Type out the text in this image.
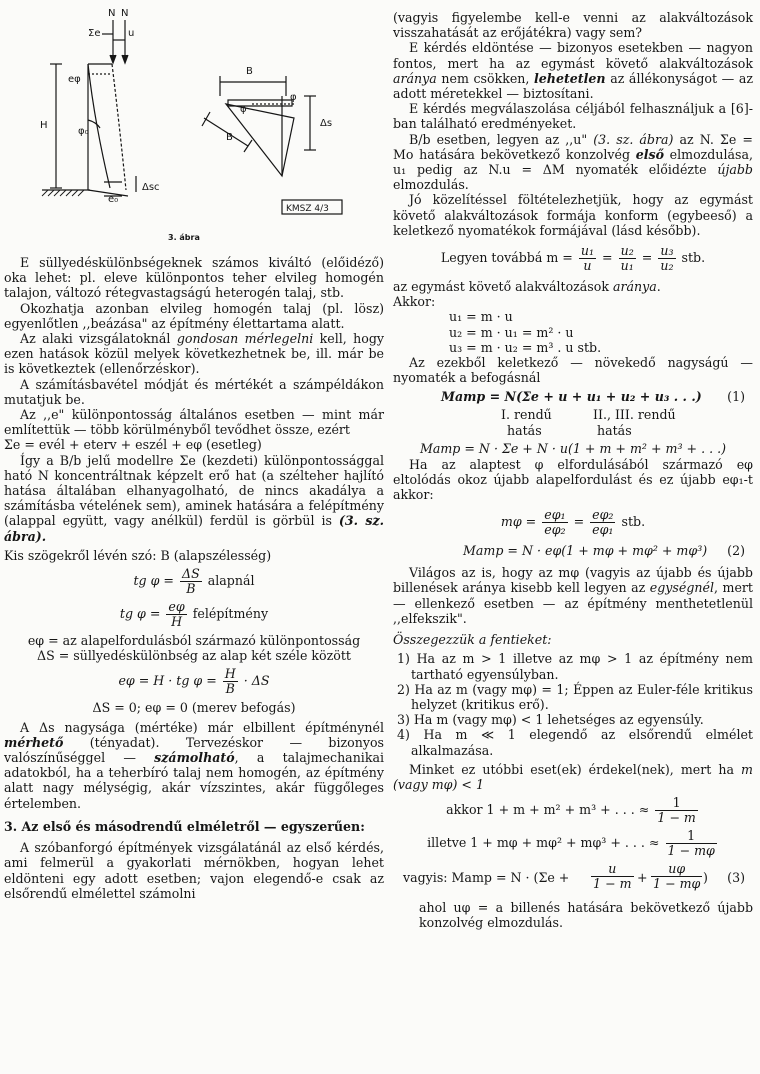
N N
Σe	u
eφ
H
φ₀
e₀
Δsc
B
φ
φ
Δs
B
KMSZ 4/3
3. ábra

E süllyedéskülönbségeknek számos kiváltó (előidéző) oka lehet: pl. eleve különpontos teher elvileg homogén talajon, változó rétegvastagságú heterogén talaj, stb.

Okozhatja azonban elvileg homogén talaj (pl. lösz) egyenlőtlen ,,beázása" az építmény élettartama alatt.

Az alaki vizsgálatoknál gondosan mérlegelni kell, hogy ezen hatások közül melyek következhetnek be, ill. már be is következtek (ellenőrzéskor).

A számításbavétel módját és mértékét a számpéldákon mutatjuk be.

Az ,,e" különpontosság általános esetben — mint már említettük — több körülményből tevődhet össze, ezért

Σe = evél + eterv + eszél + eφ (esetleg)

Így a B/b jelű modellre Σe (kezdeti) különpontossággal ható N koncentráltnak képzelt erő hat (a szélteher hajlító hatása általában elhanyagolható, de nincs akadálya a számításba vételének sem), aminek hatására a felépítmény (alappal együtt, vagy anélkül) ferdül is görbül is (3. sz. ábra).

Kis szögekről lévén szó: B (alapszélesség)

tg $\varphi = \frac{\Delta S}{B}$ alapnál
tg $\varphi = \frac{e\varphi}{H}$ felépítmény

eφ = az alapelfordulásból származó különpontosság

ΔS = süllyedéskülönbség az alap két széle között

eφ = H · tg $\varphi = \frac{H}{B} \cdot \Delta S$

ΔS = 0; eφ = 0 (merev befogás)

A Δs nagysága (mértéke) már elbillent építménynél mérhető (tényadat). Tervezéskor — bizonyos valószínűséggel — számolható, a talajmechanikai adatokból, ha a teherbíró talaj nem homogén, az építmény alatt nagy mélységig, akár vízszintes, akár függőleges értelemben.

3. Az első és másodrendű elméletről — egyszerűen:

A szóbanforgó építmények vizsgálatánál az első kérdés, ami felmerül a gyakorlati mérnökben, hogyan lehet eldönteni egy adott esetben; vajon elegendő-e csak az elsőrendű elmélettel számolni

(vagyis figyelembe kell-e venni az alakváltozások visszahatását az erőjátékra) vagy sem?

E kérdés eldöntése — bizonyos esetekben — nagyon fontos, mert ha az egymást követő alakváltozások aránya nem csökken, lehetetlen az állékonyságot — az adott méretekkel — biztosítani.

E kérdés megválaszolása céljából felhasználjuk a [6]-ban található eredményeket.

B/b esetben, legyen az ,,u" (3. sz. ábra) az N. Σe = Mo hatására bekövetkező konzolvég első elmozdulása, u₁ pedig az N.u = ΔM nyomaték előidézte újabb elmozdulás.

Jó közelítéssel föltételezhetjük, hogy az egymást követő alakváltozások formája konform (egybeeső) a keletkező nyomatékok formájával (lásd később).

Legyen továbbá $m = \frac{\text{u₁}}{u} = \frac{\text{u₂}}{\text{u₁}} = \frac{\text{u₃}}{\text{u₂}}$ stb.

az egymást követő alakváltozások aránya.

Akkor:

u₁ = m · u

u₂ = m · u₁ = m² · u

u₃ = m · u₂ = m³ . u stb.

Az ezekből keletkező — növekedő nagyságú — nyomaték a befogásnál

Mamp = N(Σe + u + u₁ + u₂ + u₃ . . .) (1)
I. rendű	II., III. rendű
hatás	hatás

Mamp = N · Σe + N · u(1 + m + m² + m³ + . . .)

Ha az alaptest φ elfordulásából származó eφ eltolódás okoz újabb alapelfordulást és ez újabb eφ₁-t akkor:

$m\varphi = \frac{\text{eφ₁}}{\text{eφ₂}} = \frac{\text{eφ₂}}{\text{eφ₁}}$ stb.
Mamp = N · eφ(1 + mφ + mφ² + mφ³) (2)

Világos az is, hogy az mφ (vagyis az újabb és újabb billenések aránya kisebb kell legyen az egységnél, mert — ellenkező esetben — az építmény menthetetlenül ,,elfekszik".

Összegezzük a fentieket:

1) Ha az m > 1 illetve az mφ > 1 az építmény nem tartható egyensúlyban.
2) Ha az m (vagy mφ) = 1; Éppen az Euler-féle kritikus helyzet (kritikus erő).
3) Ha m (vagy mφ) < 1 lehetséges az egyensúly.
4) Ha m ≪ 1 elegendő az elsőrendű elmélet alkalmazása.

Minket ez utóbbi eset(ek) érdekel(nek), mert ha m (vagy mφ) < 1

akkor 1 + m + m² + m³ + . . . ≈ $\frac{1}{1 - m}$
illetve 1 + mφ + mφ² + mφ³ + . . . ≈ $\frac{1}{1 - m\varphi}$
vagyis: Mamp = $N \cdot (\Sigma e + \frac{u}{1 - m} + \frac{u\varphi}{1 - m\varphi}$ ) (3)

ahol uφ = a billenés hatására bekövetkező újabb konzolvég elmozdulás.
